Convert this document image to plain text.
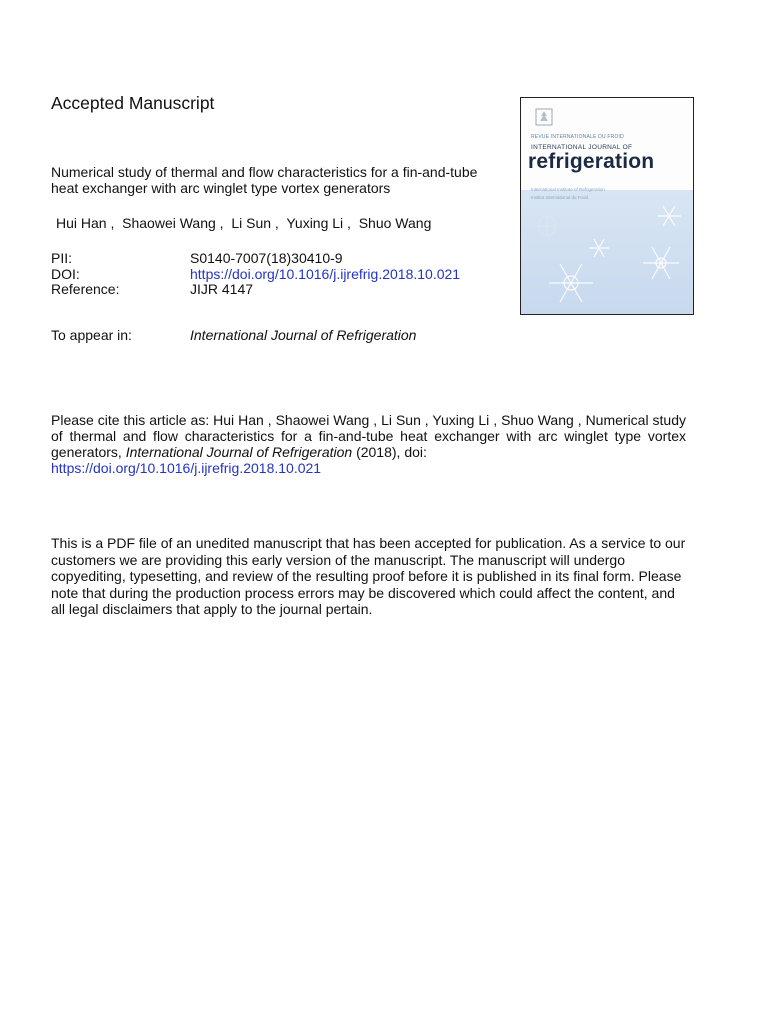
Accepted Manuscript
Numerical study of thermal and flow characteristics for a fin-and-tube heat exchanger with arc winglet type vortex generators
Hui Han ,  Shaowei Wang ,  Li Sun ,  Yuxing Li ,  Shuo Wang
PII:	S0140-7007(18)30410-9
DOI:	https://doi.org/10.1016/j.ijrefrig.2018.10.021
Reference:	JIJR 4147
To appear in:	International Journal of Refrigeration
Please cite this article as: Hui Han , Shaowei Wang , Li Sun , Yuxing Li , Shuo Wang , Numerical study of thermal and flow characteristics for a fin-and-tube heat exchanger with arc winglet type vortex generators, International Journal of Refrigeration (2018), doi:
https://doi.org/10.1016/j.ijrefrig.2018.10.021
This is a PDF file of an unedited manuscript that has been accepted for publication. As a service to our customers we are providing this early version of the manuscript. The manuscript will undergo copyediting, typesetting, and review of the resulting proof before it is published in its final form. Please note that during the production process errors may be discovered which could affect the content, and all legal disclaimers that apply to the journal pertain.
REVUE INTERNATIONALE DU FROID
INTERNATIONAL JOURNAL OF
refrigeration
International Institute of Refrigeration
Institut International du Froid
